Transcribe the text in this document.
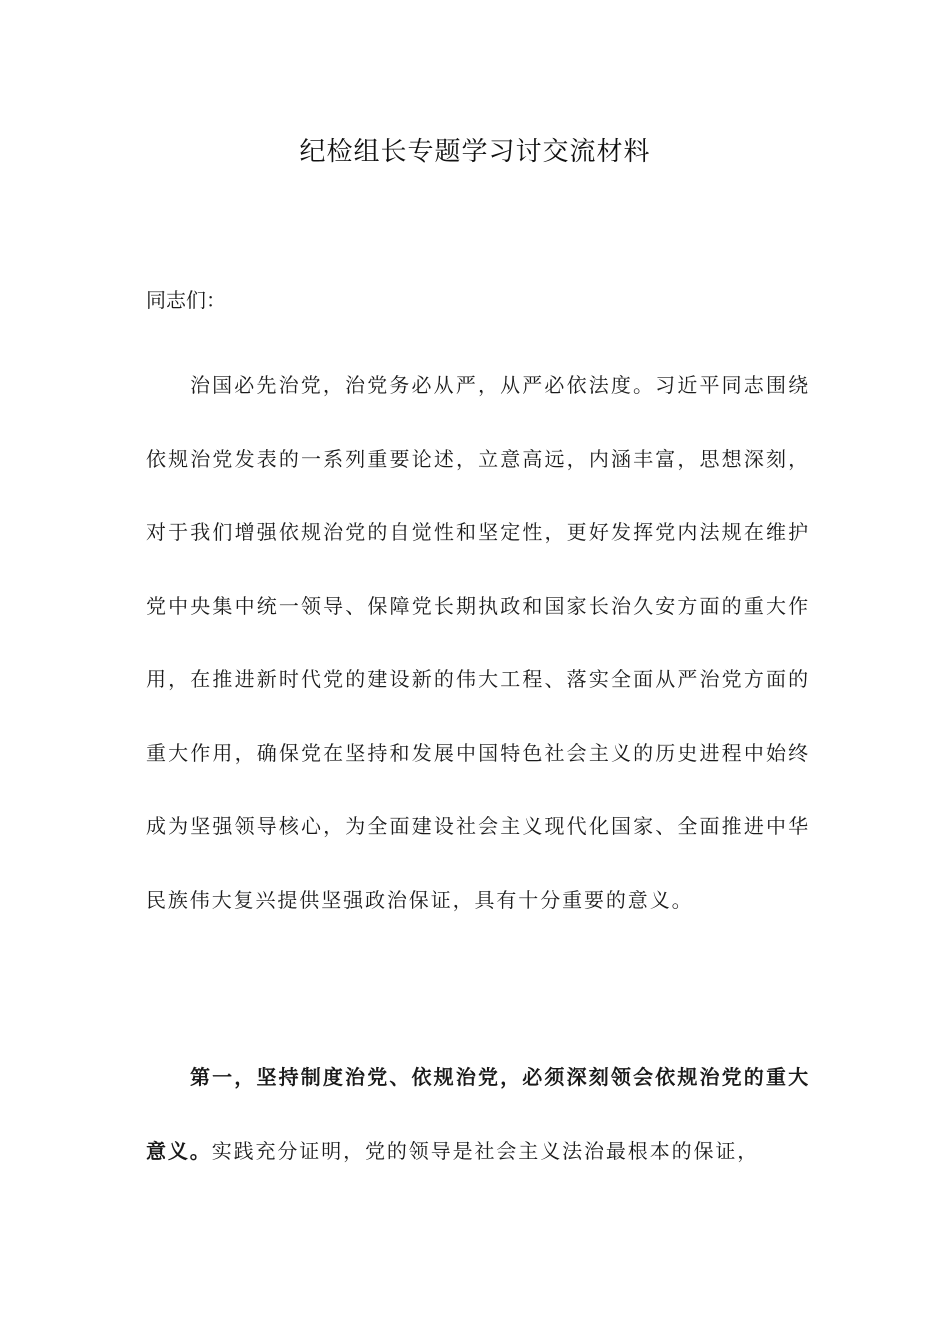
纪检组长专题学习讨交流材料
同志们：

治国必先治党，治党务必从严，从严必依法度。习近平同志围绕依规治党发表的一系列重要论述，立意高远，内涵丰富，思想深刻，对于我们增强依规治党的自觉性和坚定性，更好发挥党内法规在维护党中央集中统一领导、保障党长期执政和国家长治久安方面的重大作用，在推进新时代党的建设新的伟大工程、落实全面从严治党方面的重大作用，确保党在坚持和发展中国特色社会主义的历史进程中始终成为坚强领导核心，为全面建设社会主义现代化国家、全面推进中华民族伟大复兴提供坚强政治保证，具有十分重要的意义。

第一，坚持制度治党、依规治党，必须深刻领会依规治党的重大意义。实践充分证明，党的领导是社会主义法治最根本的保证，
